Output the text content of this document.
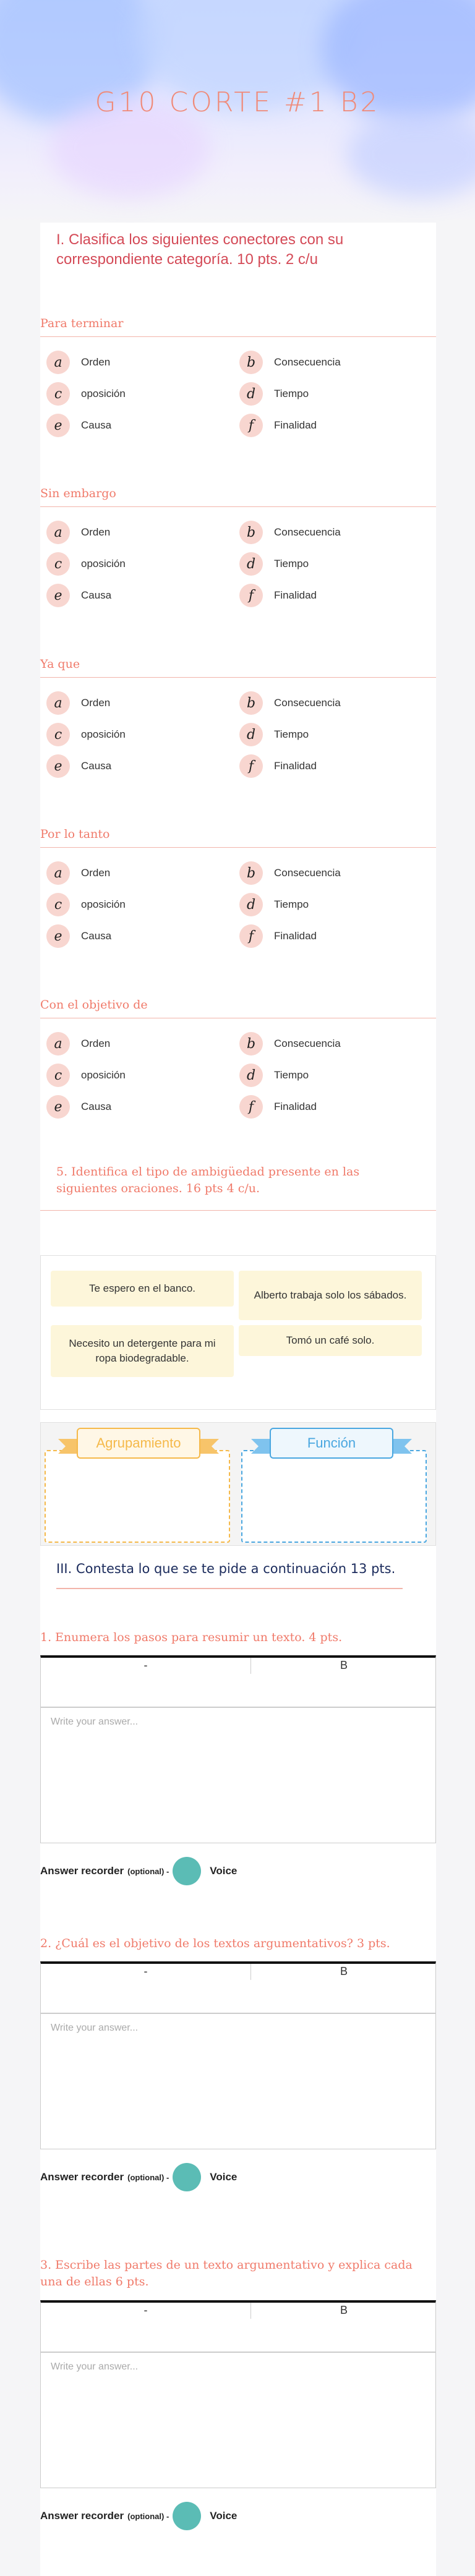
G10 CORTE #1 B2
I. Clasifica los siguientes conectores con su correspondiente categoría. 10 pts. 2 c/u
Para terminar
a	Orden	b	Consecuencia
c	oposición	d	Tiempo
e	Causa	f	Finalidad
Sin embargo
a	Orden	b	Consecuencia
c	oposición	d	Tiempo
e	Causa	f	Finalidad
Ya que
a	Orden	b	Consecuencia
c	oposición	d	Tiempo
e	Causa	f	Finalidad
Por lo tanto
a	Orden	b	Consecuencia
c	oposición	d	Tiempo
e	Causa	f	Finalidad
Con el objetivo de
a	Orden	b	Consecuencia
c	oposición	d	Tiempo
e	Causa	f	Finalidad
5. Identifica el tipo de ambigüedad presente en las siguientes oraciones. 16 pts 4 c/u.
Te espero en el banco.
Alberto trabaja solo los sábados.
Necesito un detergente para mi ropa biodegradable.
Tomó un café solo.
Agrupamiento	Función
III. Contesta lo que se te pide a continuación 13 pts.
1. Enumera los pasos para resumir un texto. 4 pts.
-	B
Write your answer...
Answer recorder (optional) -	Voice
2. ¿Cuál es el objetivo de los textos argumentativos? 3 pts.
-	B
Write your answer...
Answer recorder (optional) -	Voice
3. Escribe las partes de un texto argumentativo y explica cada una de ellas 6 pts.
-	B
Write your answer...
Answer recorder (optional) -	Voice
